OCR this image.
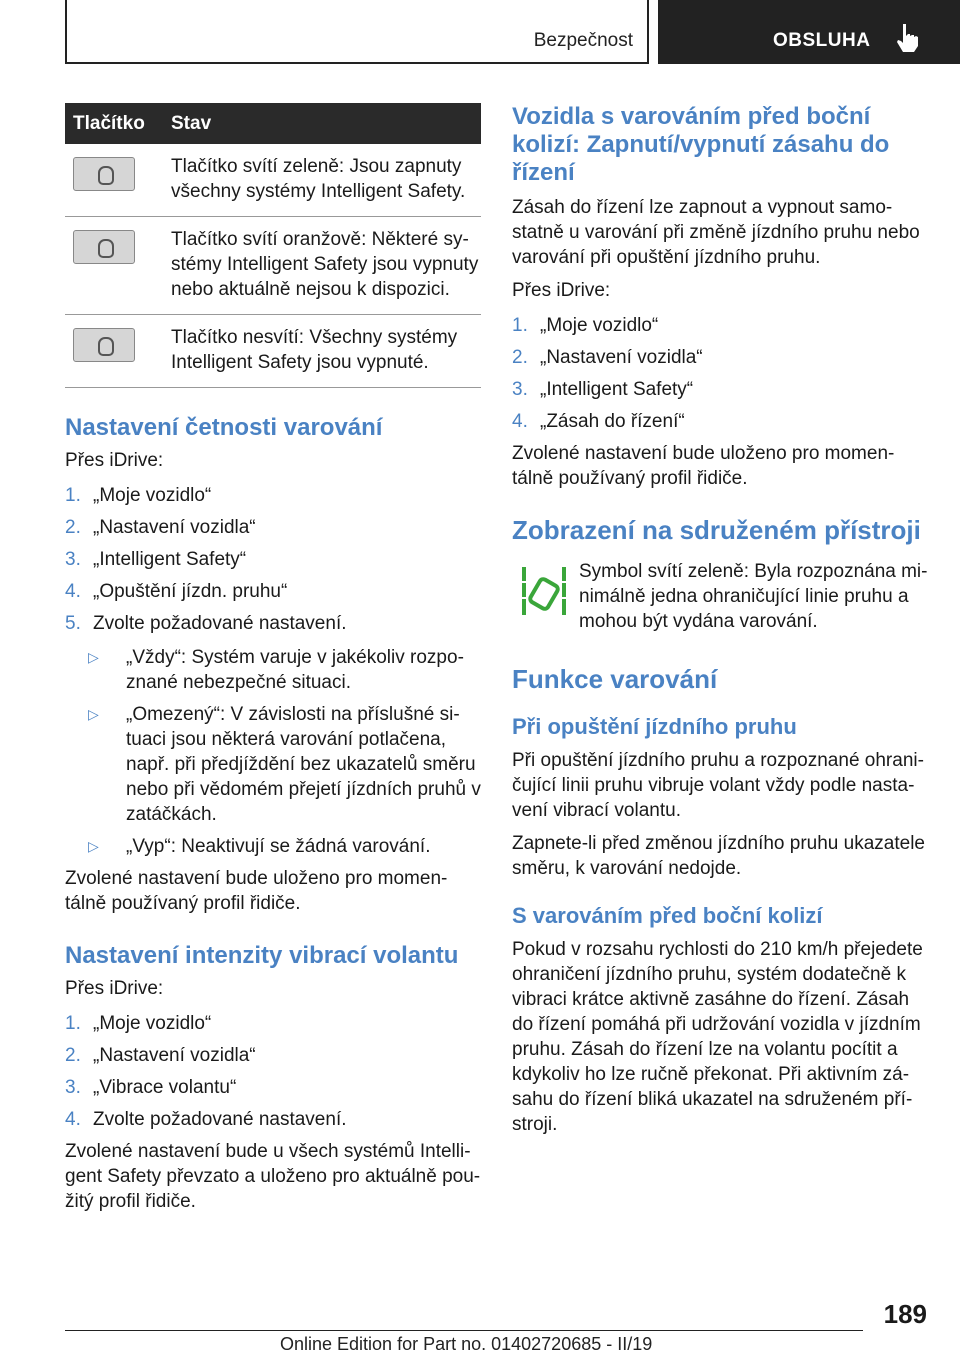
Bezpečnost	OBSLUHA
Tlačítko	Stav

	Tlačítko svítí zeleně: Jsou zapnuty všechny systémy Intelligent Safety.

	Tlačítko svítí oranžově: Některé systémy Intelligent Safety jsou vypnuty nebo aktuálně nejsou k dispozici.

	Tlačítko nesvítí: Všechny systémy Intelligent Safety jsou vypnuté.
Nastavení četnosti varování

Přes iDrive:

1. „Moje vozidlo“
2. „Nastavení vozidla“
3. „Intelligent Safety“
4. „Opuštění jízdn. pruhu“
5. Zvolte požadované nastavení.
▷ „Vždy“: Systém varuje v jakékoliv rozpoznané nebezpečné situaci.
▷ „Omezený“: V závislosti na příslušné situaci jsou některá varování potlačena, např. při předjíždění bez ukazatelů směru nebo při vědomém přejetí jízdních pruhů v zatáčkách.
▷ „Vyp“: Neaktivují se žádná varování.

Zvolené nastavení bude uloženo pro momentálně používaný profil řidiče.

Nastavení intenzity vibrací volantu

Přes iDrive:

1. „Moje vozidlo“
2. „Nastavení vozidla“
3. „Vibrace volantu“
4. Zvolte požadované nastavení.

Zvolené nastavení bude u všech systémů Intelligent Safety převzato a uloženo pro aktuálně použitý profil řidiče.

Vozidla s varováním před boční kolizí: Zapnutí/vypnutí zásahu do řízení

Zásah do řízení lze zapnout a vypnout samostatně u varování při změně jízdního pruhu nebo varování při opuštění jízdního pruhu.

Přes iDrive:

1. „Moje vozidlo“
2. „Nastavení vozidla“
3. „Intelligent Safety“
4. „Zásah do řízení“

Zvolené nastavení bude uloženo pro momentálně používaný profil řidiče.

Zobrazení na sdruženém přístroji

Symbol svítí zeleně: Byla rozpoznána minimálně jedna ohraničující linie pruhu a mohou být vydána varování.

Funkce varování
Při opuštění jízdního pruhu

Při opuštění jízdního pruhu a rozpoznané ohraničující linii pruhu vibruje volant vždy podle nastavení vibrací volantu.

Zapnete-li před změnou jízdního pruhu ukazatele směru, k varování nedojde.

S varováním před boční kolizí

Pokud v rozsahu rychlosti do 210 km/h přejedete ohraničení jízdního pruhu, systém dodatečně k vibraci krátce aktivně zasáhne do řízení. Zásah do řízení pomáhá při udržování vozidla v jízdním pruhu. Zásah do řízení lze na volantu pocítit a kdykoliv ho lze ručně překonat. Při aktivním zásahu do řízení bliká ukazatel na sdruženém přístroji.

189
Online Edition for Part no. 01402720685 - II/19
